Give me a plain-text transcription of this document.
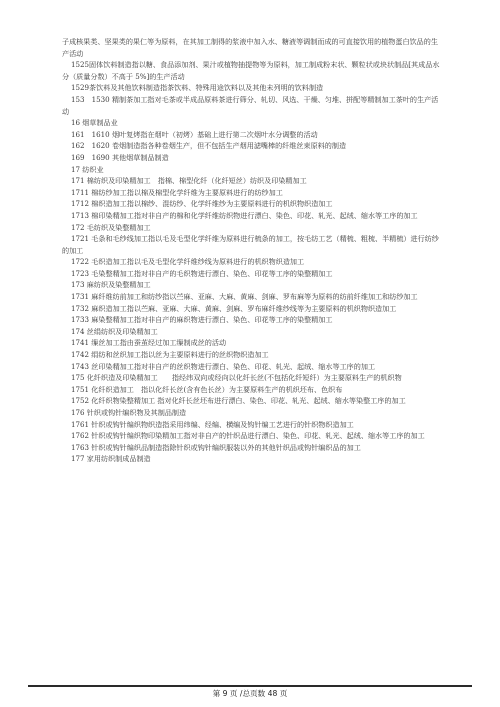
子成核果类、坚果类的果仁等为原料，在其加工制得的浆液中加入水、糖液等调制而成的可直接饮用的植物蛋白饮品的生产活动

1525固体饮料制造指以糖、食品添加剂、果汁或植物抽提物等为原料，加工制成粉末状、颗粒状或块状制品[其成品水分（质量分数）不高于 5%]的生产活动

1529茶饮料及其他饮料制造指茶饮料、特殊用途饮料以及其他未列明的饮料制造

153　1530 精制茶加工指对毛茶或半成品原料茶进行筛分、轧切、风选、干燥、匀堆、拼配等精制加工茶叶的生产活动

16 烟草制品业

161　1610 烟叶复烤指在烟叶（初烤）基础上进行第二次烟叶水分调整的活动

162　1620 卷烟制造指各种卷烟生产，但不包括生产烟用滤嘴棒的纤维丝束原料的制造

169　1690 其他烟草制品制造

17 纺织业

171 棉纺织及印染精加工　指棉、棉型化纤（化纤短丝）纺织及印染精加工

1711 棉纺纱加工指以棉及棉型化学纤维为主要原料进行的纺纱加工

1712 棉织造加工指以棉纱、混纺纱、化学纤维纱为主要原料进行的机织物织造加工

1713 棉印染精加工指对非自产的棉和化学纤维纺织物进行漂白、染色、印花、轧光、起绒、缩水等工序的加工

172 毛纺织及染整精加工

1721 毛条和毛纱线加工指以毛及毛型化学纤维为原料进行梳条的加工，按毛纺工艺（精梳、粗梳、半精梳）进行纺纱的加工

1722 毛织造加工指以毛及毛型化学纤维纱线为原料进行的机织物织造加工

1723 毛染整精加工指对非自产的毛织物进行漂白、染色、印花等工序的染整精加工

173 麻纺织及染整精加工

1731 麻纤维纺前加工和纺纱指以苎麻、亚麻、大麻、黄麻、剑麻、罗布麻等为原料的纺前纤维加工和纺纱加工

1732 麻织造加工指以苎麻、亚麻、大麻、黄麻、剑麻、罗布麻纤维纱线等为主要原料的机织物织造加工

1733 麻染整精加工指对非自产的麻织物进行漂白、染色、印花等工序的染整精加工

174 丝绢纺织及印染精加工

1741 缫丝加工指由蚕茧经过加工缫制成丝的活动

1742 绢纺和丝织加工指以丝为主要原料进行的丝织物织造加工

1743 丝印染精加工指对非自产的丝织物进行漂白、染色、印花、轧光、起绒、缩水等工序的加工

175 化纤织造及印染精加工　　指经纬双向或经向以化纤长丝(不包括化纤短纤）为主要原料生产的机织物

1751 化纤织造加工　指以化纤长丝(含有色长丝）为主要原料生产的机织坯布、色织布

1752 化纤织物染整精加工 指对化纤长丝坯布进行漂白、染色、印花、轧光、起绒、缩水等染整工序的加工

176 针织或钩针编织物及其制品制造

1761 针织或钩针编织物织造指采用纬编、经编、横编及钩针编工艺进行的针织物织造加工

1762 针织或钩针编织物印染精加工指对非自产的针织品进行漂白、染色、印花、轧光、起绒、缩水等工序的加工

1763 针织或钩针编织品制造指除针织或钩针编织服装以外的其他针织品或钩针编织品的加工

177 家用纺织制成品制造

第 9 页 /总页数 48 页
